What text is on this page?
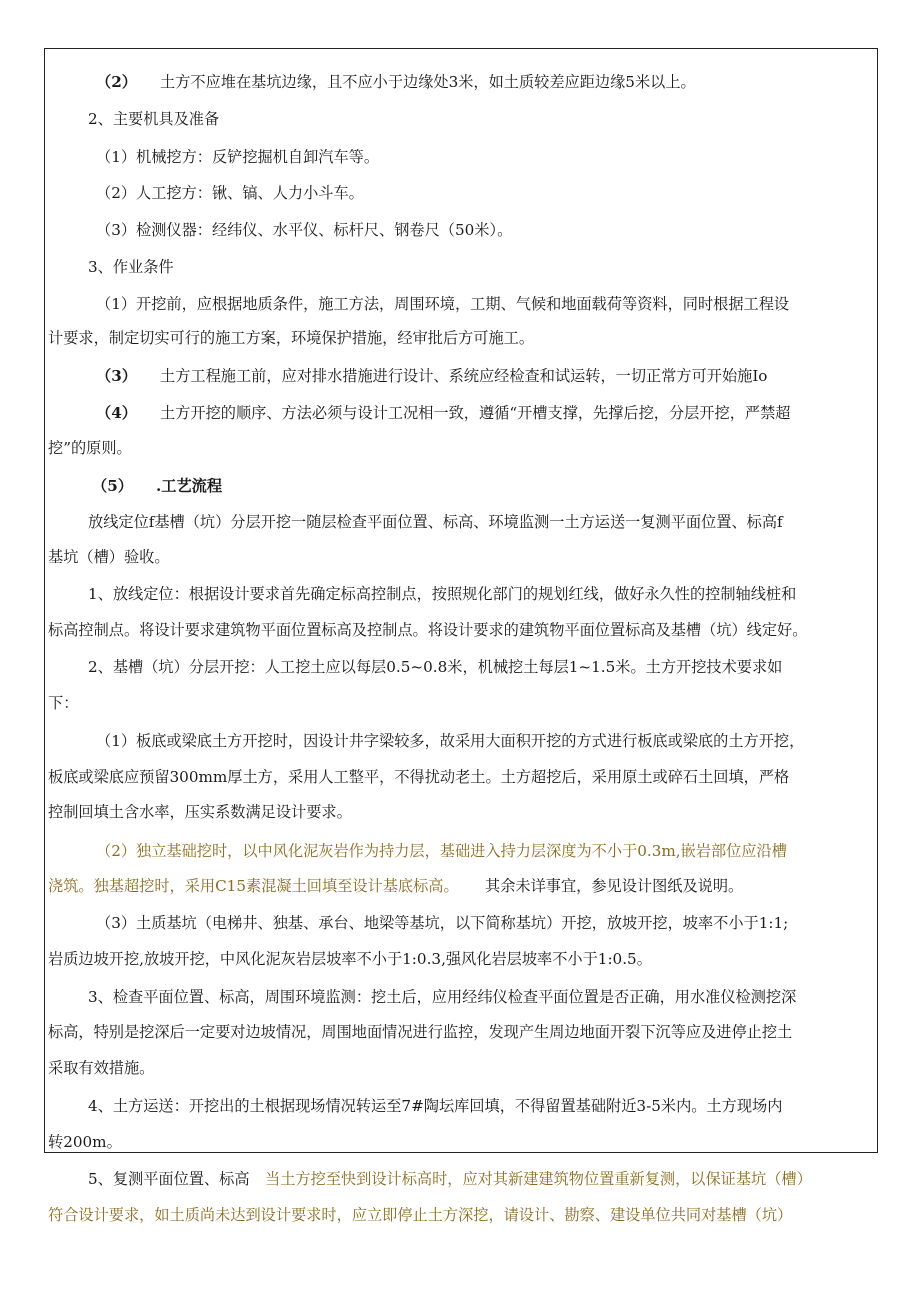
（2） 土方不应堆在基坑边缘，且不应小于边缘处3米，如土质较差应距边缘5米以上。
2、主要机具及准备
（1）机械挖方：反铲挖掘机自卸汽车等。
（2）人工挖方：锹、镐、人力小斗车。
（3）检测仪器：经纬仪、水平仪、标杆尺、钢卷尺（50米）。
3、作业条件
（1）开挖前，应根据地质条件，施工方法，周围环境，工期、气候和地面载荷等资料，同时根据工程设
计要求，制定切实可行的施工方案，环境保护措施，经审批后方可施工。
（3） 土方工程施工前，应对排水措施进行设计、系统应经检查和试运转，一切正常方可开始施Io
（4） 土方开挖的顺序、方法必须与设计工况相一致，遵循“开槽支撑，先撑后挖，分层开挖，严禁超
挖”的原则。
（5） .工艺流程
放线定位f基槽（坑）分层开挖一随层检查平面位置、标高、环境监测一土方运送一复测平面位置、标高f
基坑（槽）验收。
1、放线定位：根据设计要求首先确定标高控制点，按照规化部门的规划红线，做好永久性的控制轴线桩和
标高控制点。将设计要求建筑物平面位置标高及控制点。将设计要求的建筑物平面位置标高及基槽（坑）线定好。
2、基槽（坑）分层开挖：人工挖土应以每层0.5~0.8米，机械挖土每层1~1.5米。土方开挖技术要求如
下：
（1）板底或梁底土方开挖时，因设计井字梁较多，故采用大面积开挖的方式进行板底或梁底的土方开挖，
板底或梁底应预留300mm厚土方，采用人工整平，不得扰动老土。土方超挖后，采用原土或碎石土回填，严格
控制回填土含水率，压实系数满足设计要求。
（2）独立基础挖时，以中风化泥灰岩作为持力层，基础进入持力层深度为不小于0.3m,嵌岩部位应沿槽
浇筑。独基超挖时，采用C15素混凝土回填至设计基底标高。 其余未详事宜，参见设计图纸及说明。
（3）土质基坑（电梯井、独基、承台、地梁等基坑，以下简称基坑）开挖，放坡开挖，坡率不小于1:1;
岩质边坡开挖,放坡开挖，中风化泥灰岩层坡率不小于1:0.3,强风化岩层坡率不小于1:0.5。
3、检查平面位置、标高，周围环境监测：挖土后，应用经纬仪检查平面位置是否正确，用水准仪检测挖深
标高，特别是挖深后一定要对边坡情况，周围地面情况进行监控，发现产生周边地面开裂下沉等应及进停止挖土
采取有效措施。
4、土方运送：开挖出的土根据现场情况转运至7#陶坛库回填，不得留置基础附近3-5米内。土方现场内
转200m。
5、复测平面位置、标高 当土方挖至快到设计标高时，应对其新建建筑物位置重新复测，以保证基坑（槽）
符合设计要求，如土质尚未达到设计要求时，应立即停止土方深挖，请设计、勘察、建设单位共同对基槽（坑）
